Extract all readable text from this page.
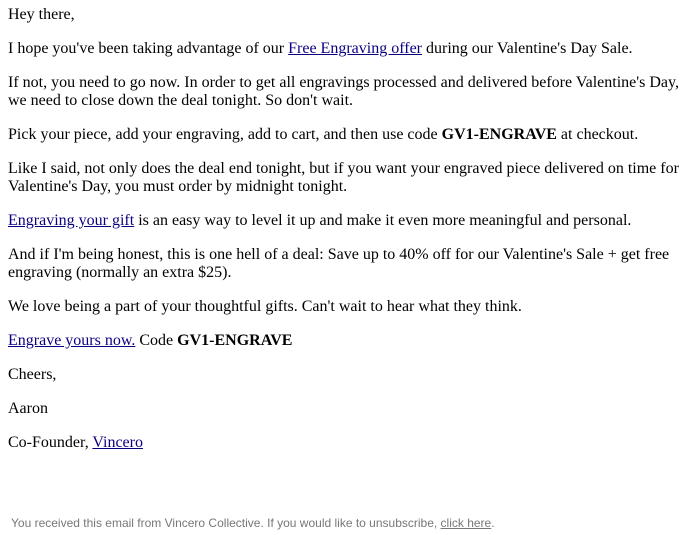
Hey there,

I hope you've been taking advantage of our Free Engraving offer during our Valentine's Day Sale.

If not, you need to go now. In order to get all engravings processed and delivered before Valentine's Day, we need to close down the deal tonight. So don't wait.

Pick your piece, add your engraving, add to cart, and then use code GV1-ENGRAVE at checkout.

Like I said, not only does the deal end tonight, but if you want your engraved piece delivered on time for Valentine's Day, you must order by midnight tonight.

Engraving your gift is an easy way to level it up and make it even more meaningful and personal.

And if I'm being honest, this is one hell of a deal: Save up to 40% off for our Valentine's Sale + get free engraving (normally an extra $25).

We love being a part of your thoughtful gifts. Can't wait to hear what they think.

Engrave yours now. Code GV1-ENGRAVE

Cheers,

Aaron

Co-Founder, Vincero

You received this email from Vincero Collective. If you would like to unsubscribe, click here.
